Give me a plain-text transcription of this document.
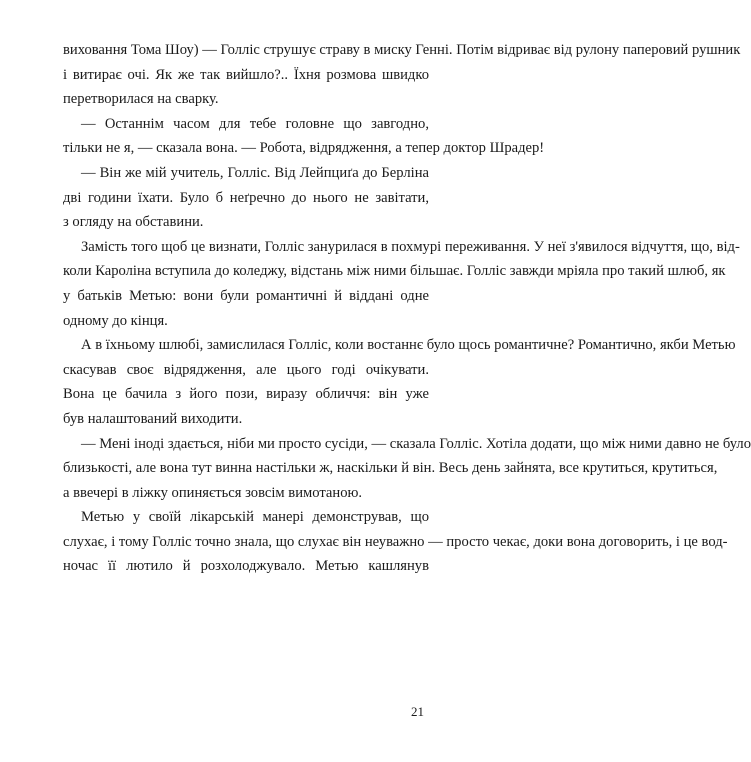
виховання Тома Шоу) — Голліс струшує страву в миску Генні. Потім відриває від рулону паперовий рушник
і витирає очі. Як же так вийшло?.. Їхня розмова швидко
перетворилася на сварку.
— Останнім часом для тебе головне що завгодно,
тільки не я, — сказала вона. — Робота, відрядження, а тепер доктор Шрадер!
— Він же мій учитель, Голліс. Від Лейпциґа до Берліна
дві години їхати. Було б неґречно до нього не завітати,
з огляду на обставини.
Замість того щоб це визнати, Голліс занурилася в похмурі переживання. У неї з'явилося відчуття, що, від-
коли Кароліна вступила до коледжу, відстань між ними більшає. Голліс завжди мріяла про такий шлюб, як
у батьків Метью: вони були романтичні й віддані одне
одному до кінця.
А в їхньому шлюбі, замислилася Голліс, коли востаннє було щось романтичне? Романтично, якби Метью
скасував своє відрядження, але цього годі очікувати.
Вона це бачила з його пози, виразу обличчя: він уже
був налаштований виходити.
— Мені іноді здається, ніби ми просто сусіди, — сказала Голліс. Хотіла додати, що між ними давно не було
близькості, але вона тут винна настільки ж, наскільки й він. Весь день зайнята, все крутиться, крутиться,
а ввечері в ліжку опиняється зовсім вимотаною.
Метью у своїй лікарській манері демонстрував, що
слухає, і тому Голліс точно знала, що слухає він неуважно — просто чекає, доки вона договорить, і це вод-
ночас її лютило й розхолоджувало. Метью кашлянув
21
